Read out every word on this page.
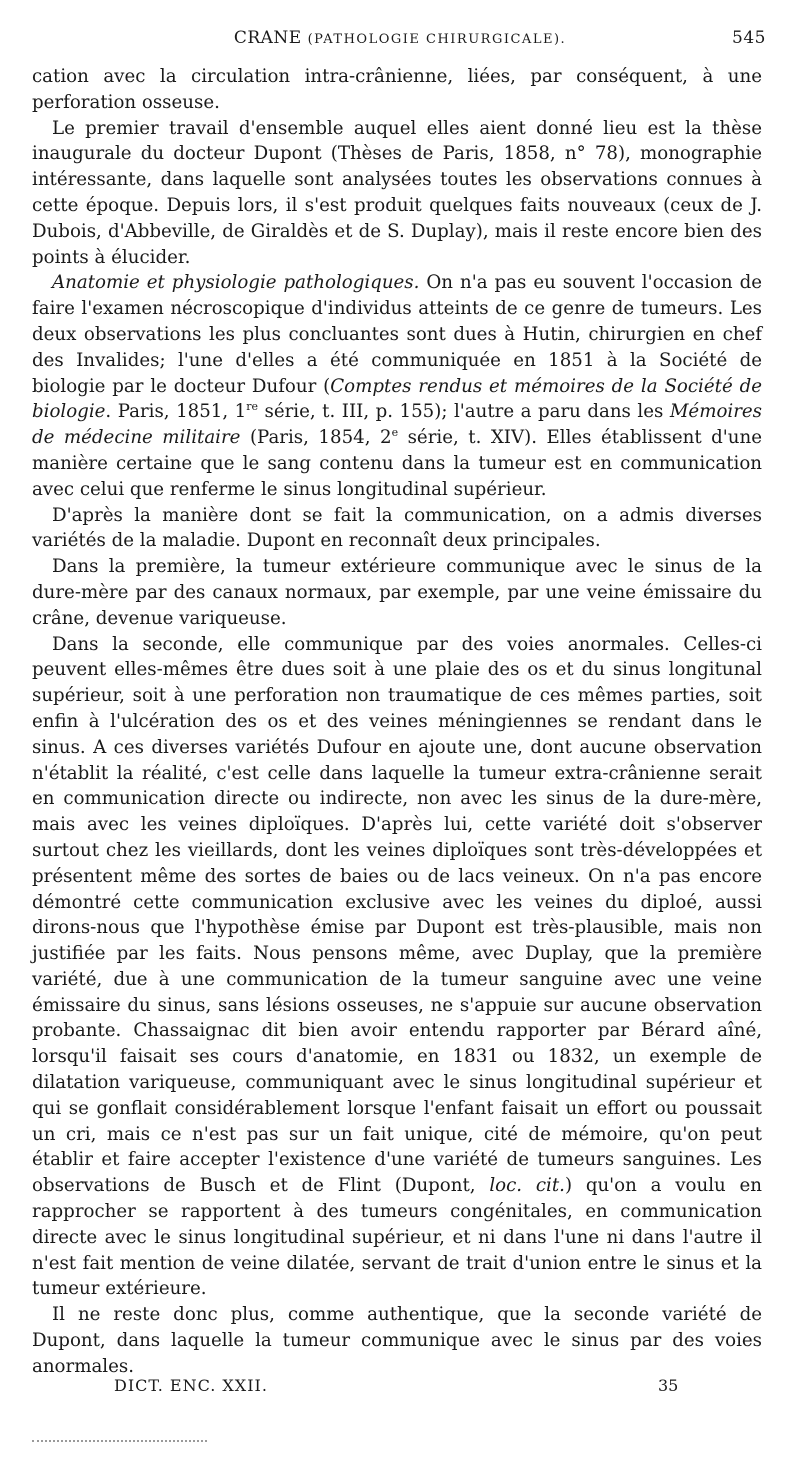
CRANE (PATHOLOGIE CHIRURGICALE).	545

cation avec la circulation intra-crânienne, liées, par conséquent, à une perforation osseuse.

Le premier travail d'ensemble auquel elles aient donné lieu est la thèse inaugurale du docteur Dupont (Thèses de Paris, 1858, n° 78), monographie intéressante, dans laquelle sont analysées toutes les observations connues à cette époque. Depuis lors, il s'est produit quelques faits nouveaux (ceux de J. Dubois, d'Abbeville, de Giraldès et de S. Duplay), mais il reste encore bien des points à élucider.

Anatomie et physiologie pathologiques. On n'a pas eu souvent l'occasion de faire l'examen nécroscopique d'individus atteints de ce genre de tumeurs. Les deux observations les plus concluantes sont dues à Hutin, chirurgien en chef des Invalides; l'une d'elles a été communiquée en 1851 à la Société de biologie par le docteur Dufour (Comptes rendus et mémoires de la Société de biologie. Paris, 1851, 1re série, t. III, p. 155); l'autre a paru dans les Mémoires de médecine militaire (Paris, 1854, 2e série, t. XIV). Elles établissent d'une manière certaine que le sang contenu dans la tumeur est en communication avec celui que renferme le sinus longitudinal supérieur.

D'après la manière dont se fait la communication, on a admis diverses variétés de la maladie. Dupont en reconnaît deux principales.

Dans la première, la tumeur extérieure communique avec le sinus de la dure-mère par des canaux normaux, par exemple, par une veine émissaire du crâne, devenue variqueuse.

Dans la seconde, elle communique par des voies anormales. Celles-ci peuvent elles-mêmes être dues soit à une plaie des os et du sinus longitunal supérieur, soit à une perforation non traumatique de ces mêmes parties, soit enfin à l'ulcération des os et des veines méningiennes se rendant dans le sinus. A ces diverses variétés Dufour en ajoute une, dont aucune observation n'établit la réalité, c'est celle dans laquelle la tumeur extra-crânienne serait en communication directe ou indirecte, non avec les sinus de la dure-mère, mais avec les veines diploïques. D'après lui, cette variété doit s'observer surtout chez les vieillards, dont les veines diploïques sont très-développées et présentent même des sortes de baies ou de lacs veineux. On n'a pas encore démontré cette communication exclusive avec les veines du diploé, aussi dirons-nous que l'hypothèse émise par Dupont est très-plausible, mais non justifiée par les faits. Nous pensons même, avec Duplay, que la première variété, due à une communication de la tumeur sanguine avec une veine émissaire du sinus, sans lésions osseuses, ne s'appuie sur aucune observation probante. Chassaignac dit bien avoir entendu rapporter par Bérard aîné, lorsqu'il faisait ses cours d'anatomie, en 1831 ou 1832, un exemple de dilatation variqueuse, communiquant avec le sinus longitudinal supérieur et qui se gonflait considérablement lorsque l'enfant faisait un effort ou poussait un cri, mais ce n'est pas sur un fait unique, cité de mémoire, qu'on peut établir et faire accepter l'existence d'une variété de tumeurs sanguines. Les observations de Busch et de Flint (Dupont, loc. cit.) qu'on a voulu en rapprocher se rapportent à des tumeurs congénitales, en communication directe avec le sinus longitudinal supérieur, et ni dans l'une ni dans l'autre il n'est fait mention de veine dilatée, servant de trait d'union entre le sinus et la tumeur extérieure.

Il ne reste donc plus, comme authentique, que la seconde variété de Dupont, dans laquelle la tumeur communique avec le sinus par des voies anormales.

DICT. ENC. XXII.	35
